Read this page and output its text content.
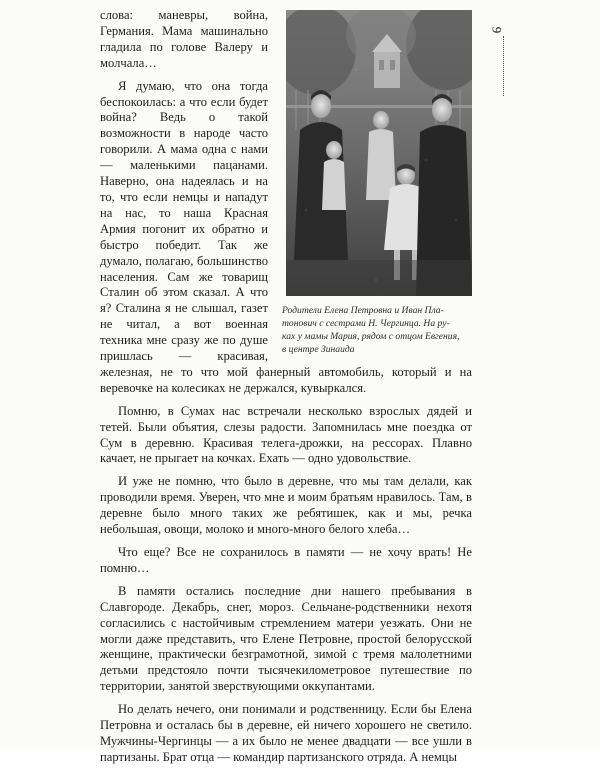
9
Родители Елена Петровна и Иван Пла-
тонович с сестрами Н. Чергинца. На ру-
ках у мамы Мария, рядом с отцом Евгения,
в центре Зинаида

слова: маневры, война, Германия. Мама машинально гладила по голове Валеру и молчала…

Я думаю, что она тогда беспокоилась: а что если будет война? Ведь о такой возможности в народе часто говорили. А мама одна с нами — маленькими пацанами. Наверно, она надеялась и на то, что если немцы и нападут на нас, то наша Красная Армия погонит их обратно и быстро победит. Так же думало, полагаю, большинство населения. Сам же товарищ Сталин об этом сказал. А что я? Сталина я не слышал, газет не читал, а вот военная техника мне сразу же по душе пришлась — красивая, железная, не то что мой фанерный автомобиль, который и на веревочке на колесиках не держался, кувыркался.

Помню, в Сумах нас встречали несколько взрослых дядей и тетей. Были объятия, слезы радости. Запомнилась мне поездка от Сум в деревню. Красивая телега-дрожки, на рессорах. Плавно качает, не прыгает на кочках. Ехать — одно удовольствие.

И уже не помню, что было в деревне, что мы там делали, как проводили время. Уверен, что мне и моим братьям нравилось. Там, в деревне было много таких же ребятишек, как и мы, речка небольшая, овощи, молоко и много-много белого хлеба…

Что еще? Все не сохранилось в памяти — не хочу врать! Не помню…

В памяти остались последние дни нашего пребывания в Славгороде. Декабрь, снег, мороз. Сельчане-родственники нехотя согласились с настойчивым стремлением матери уезжать. Они не могли даже представить, что Елене Петровне, простой белорусской женщине, практически безграмотной, зимой с тремя малолетними детьми предстояло почти тысячекилометровое путешествие по территории, занятой зверствующими оккупантами.

Но делать нечего, они понимали и родственницу. Если бы Елена Петровна и осталась бы в деревне, ей ничего хорошего не светило. Мужчины-Чергинцы — а их было не менее двадцати — все ушли в партизаны. Брат отца — командир партизанского отряда. А немцы
